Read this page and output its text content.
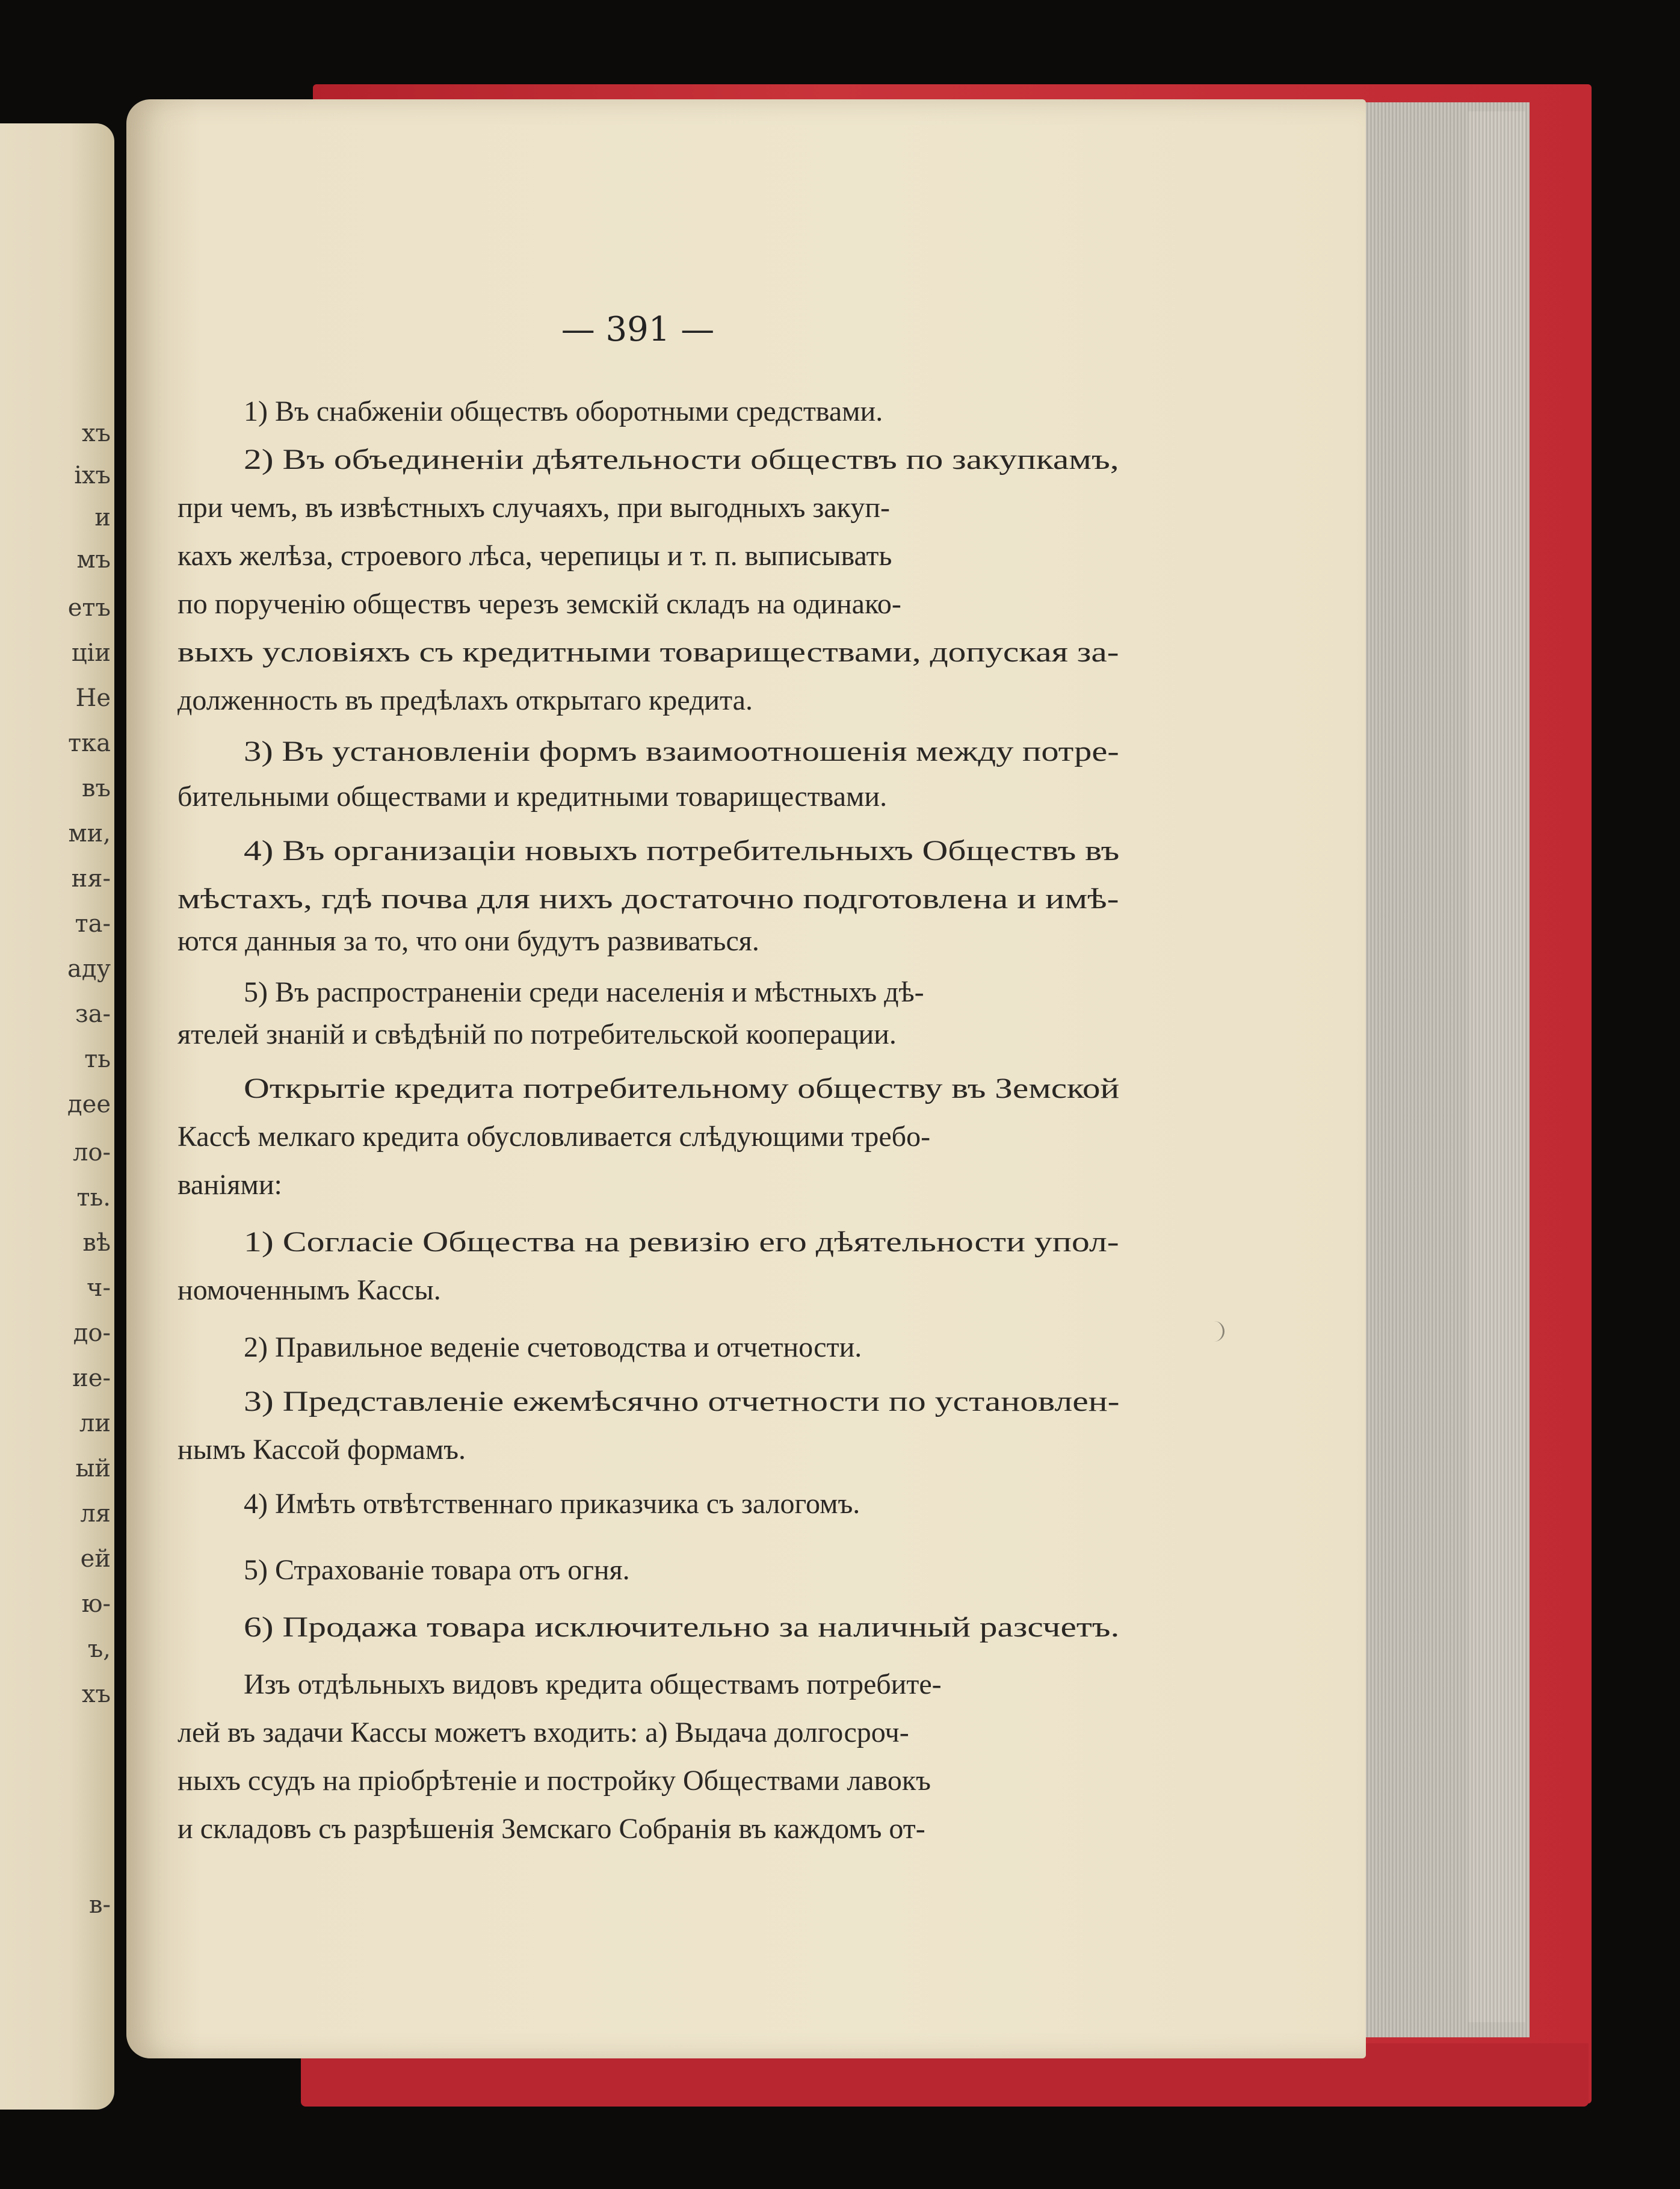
хъ

іхъ

и

мъ

етъ

ціи

Не

тка

въ

ми,

ня-

та-

аду

за-

ть

дее

ло-

ть.

вѣ

ч-

до-

ие-

ли

ый

ля

ей

ю-

ъ,

хъ

в-

— 391 —

1) Въ снабженіи обществъ оборотными средствами.

2) Въ объединеніи дѣятельности обществъ по закупкамъ,

при чемъ, въ извѣстныхъ случаяхъ, при выгодныхъ закуп-

кахъ желѣза, строевого лѣса, черепицы и т. п. выписывать

по порученію обществъ черезъ земскій складъ на одинако-

выхъ условіяхъ съ кредитными товариществами, допуская за-

долженность въ предѣлахъ открытаго кредита.

3) Въ установленіи формъ взаимоотношенія между потре-

бительными обществами и кредитными товариществами.

4) Въ организаціи новыхъ потребительныхъ Обществъ въ

мѣстахъ, гдѣ почва для нихъ достаточно подготовлена и имѣ-

ются данныя за то, что они будутъ развиваться.

5) Въ распространеніи среди населенія и мѣстныхъ дѣ-

ятелей знаній и свѣдѣній по потребительской кооперации.

Открытіе кредита потребительному обществу въ Земской

Кассѣ мелкаго кредита обусловливается слѣдующими требо-

ваніями:

1) Согласіе Общества на ревизію его дѣятельности упол-

номоченнымъ Кассы.

2) Правильное веденіе счетоводства и отчетности.

3) Представленіе ежемѣсячно отчетности по установлен-

нымъ Кассой формамъ.

4) Имѣть отвѣтственнаго приказчика съ залогомъ.

5) Страхованіе товара отъ огня.

6) Продажа товара исключительно за наличный разсчетъ.

Изъ отдѣльныхъ видовъ кредита обществамъ потребите-

лей въ задачи Кассы можетъ входить: а) Выдача долгосроч-

ныхъ ссудъ на пріобрѣтеніе и постройку Обществами лавокъ

и складовъ съ разрѣшенія Земскаго Собранія въ каждомъ от-
